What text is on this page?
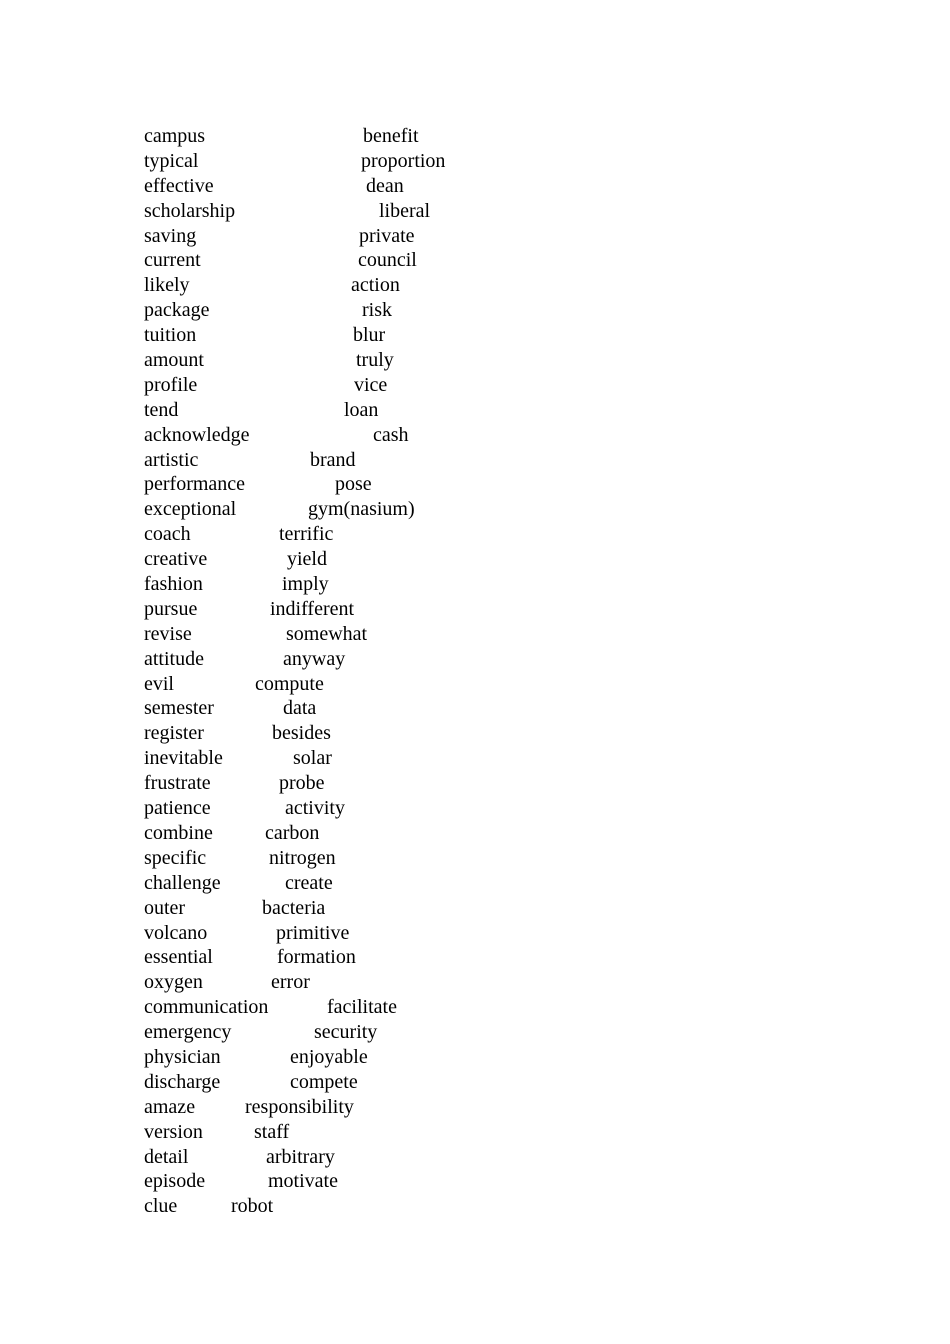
campus	benefit
typical	proportion
effective	dean
scholarship	liberal
saving	private
current	council
likely	action
package	risk
tuition	blur
amount	truly
profile	vice
tend	loan
acknowledge	cash
artistic	brand
performance	pose
exceptional	gym(nasium)
coach	terrific
creative	yield
fashion	imply
pursue	indifferent
revise	somewhat
attitude	anyway
evil	compute
semester	data
register	besides
inevitable	solar
frustrate	probe
patience	activity
combine	carbon
specific	nitrogen
challenge	create
outer	bacteria
volcano	primitive
essential	formation
oxygen	error
communication	facilitate
emergency	security
physician	enjoyable
discharge	compete
amaze responsibility
version	staff
detail	arbitrary
episode	motivate
clue	robot
